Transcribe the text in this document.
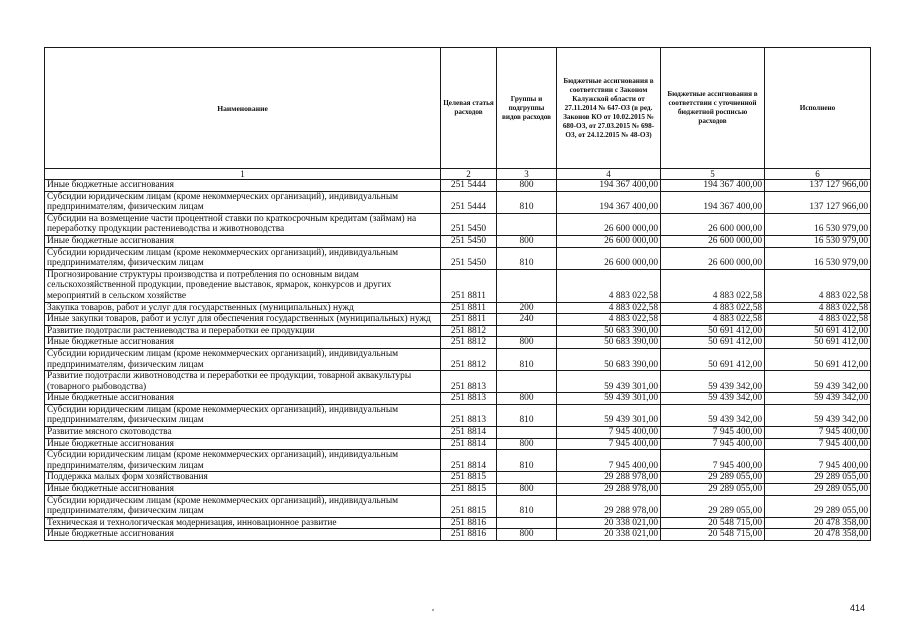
Наименование	Целевая статья расходов	Группы и подгруппы видов расходов	Бюджетные ассигнования в соответствии с Законом Калужской области от 27.11.2014 № 647-ОЗ (в ред. Законов КО от 10.02.2015 № 680-ОЗ, от 27.03.2015 № 698-ОЗ, от 24.12.2015 № 48-ОЗ)	Бюджетные ассигнования в соответствии с уточненной бюджетной росписью расходов	Исполнено
1	2	3	4	5	6
Иные бюджетные ассигнования	251 5444	800	194 367 400,00	194 367 400,00	137 127 966,00
Субсидии юридическим лицам (кроме некоммерческих организаций), индивидуальным предпринимателям, физическим лицам	251 5444	810	194 367 400,00	194 367 400,00	137 127 966,00
Субсидии на возмещение части процентной ставки по краткосрочным кредитам (займам) на переработку продукции растениеводства и животноводства	251 5450		26 600 000,00	26 600 000,00	16 530 979,00
Иные бюджетные ассигнования	251 5450	800	26 600 000,00	26 600 000,00	16 530 979,00
Субсидии юридическим лицам (кроме некоммерческих организаций), индивидуальным предпринимателям, физическим лицам	251 5450	810	26 600 000,00	26 600 000,00	16 530 979,00
Прогнозирование структуры производства и потребления по основным видам сельскохозяйственной продукции, проведение выставок, ярмарок, конкурсов и других мероприятий в сельском хозяйстве	251 8811		4 883 022,58	4 883 022,58	4 883 022,58
Закупка товаров, работ и услуг для государственных (муниципальных) нужд	251 8811	200	4 883 022,58	4 883 022,58	4 883 022,58
Иные закупки товаров, работ и услуг для обеспечения государственных (муниципальных) нужд	251 8811	240	4 883 022,58	4 883 022,58	4 883 022,58
Развитие подотрасли растениеводства и переработки ее продукции	251 8812		50 683 390,00	50 691 412,00	50 691 412,00
Иные бюджетные ассигнования	251 8812	800	50 683 390,00	50 691 412,00	50 691 412,00
Субсидии юридическим лицам (кроме некоммерческих организаций), индивидуальным предпринимателям, физическим лицам	251 8812	810	50 683 390,00	50 691 412,00	50 691 412,00
Развитие подотрасли животноводства и переработки ее продукции, товарной аквакультуры (товарного рыбоводства)	251 8813		59 439 301,00	59 439 342,00	59 439 342,00
Иные бюджетные ассигнования	251 8813	800	59 439 301,00	59 439 342,00	59 439 342,00
Субсидии юридическим лицам (кроме некоммерческих организаций), индивидуальным предпринимателям, физическим лицам	251 8813	810	59 439 301,00	59 439 342,00	59 439 342,00
Развитие мясного скотоводства	251 8814		7 945 400,00	7 945 400,00	7 945 400,00
Иные бюджетные ассигнования	251 8814	800	7 945 400,00	7 945 400,00	7 945 400,00
Субсидии юридическим лицам (кроме некоммерческих организаций), индивидуальным предпринимателям, физическим лицам	251 8814	810	7 945 400,00	7 945 400,00	7 945 400,00
Поддержка малых форм хозяйствования	251 8815		29 288 978,00	29 289 055,00	29 289 055,00
Иные бюджетные ассигнования	251 8815	800	29 288 978,00	29 289 055,00	29 289 055,00
Субсидии юридическим лицам (кроме некоммерческих организаций), индивидуальным предпринимателям, физическим лицам	251 8815	810	29 288 978,00	29 289 055,00	29 289 055,00
Техническая и технологическая модернизация, инновационное развитие	251 8816		20 338 021,00	20 548 715,00	20 478 358,00
Иные бюджетные ассигнования	251 8816	800	20 338 021,00	20 548 715,00	20 478 358,00
414
